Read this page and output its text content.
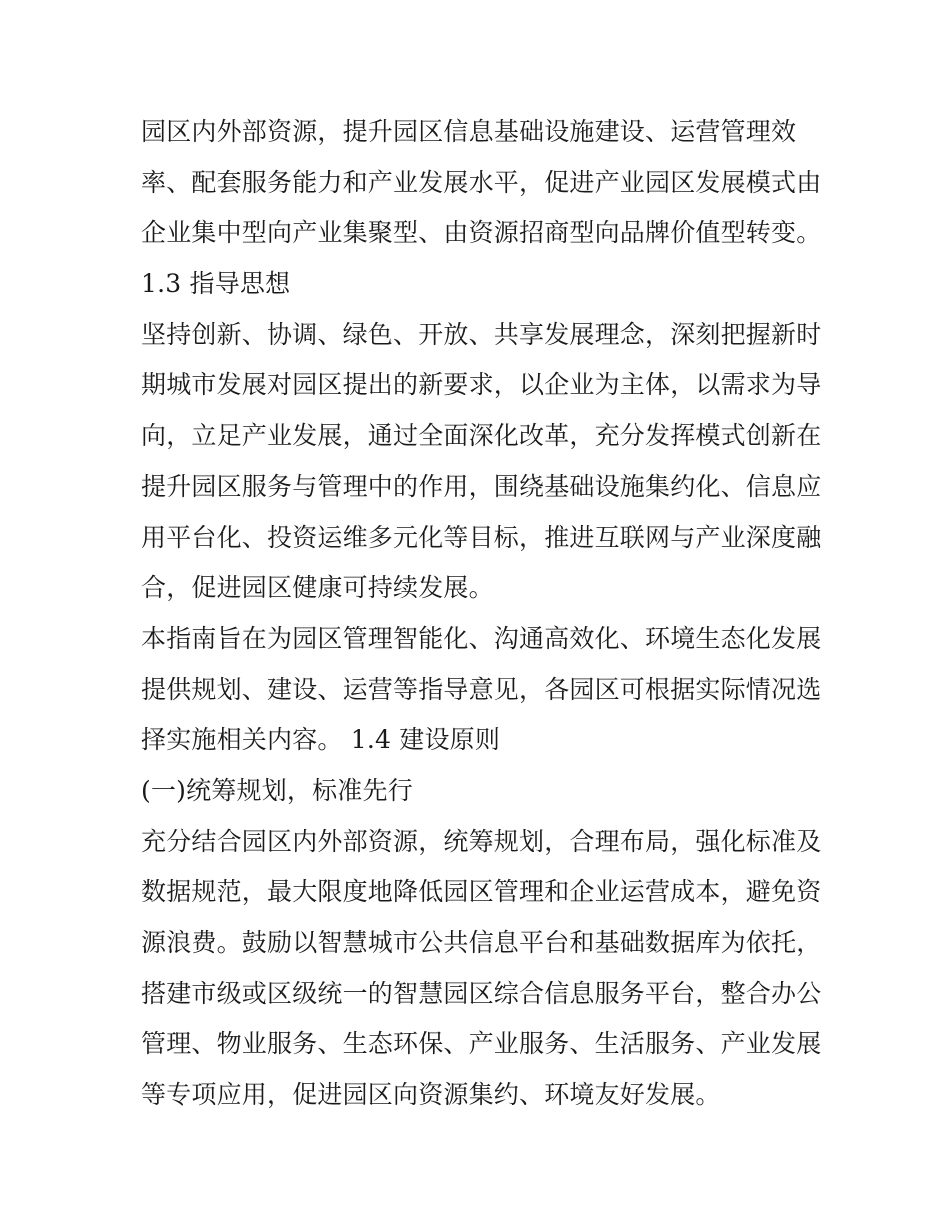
园区内外部资源，提升园区信息基础设施建设、运营管理效
率、配套服务能力和产业发展水平，促进产业园区发展模式由
企业集中型向产业集聚型、由资源招商型向品牌价值型转变。
1.3 指导思想
坚持创新、协调、绿色、开放、共享发展理念，深刻把握新时
期城市发展对园区提出的新要求，以企业为主体，以需求为导
向，立足产业发展，通过全面深化改革，充分发挥模式创新在
提升园区服务与管理中的作用，围绕基础设施集约化、信息应
用平台化、投资运维多元化等目标，推进互联网与产业深度融
合，促进园区健康可持续发展。
本指南旨在为园区管理智能化、沟通高效化、环境生态化发展
提供规划、建设、运营等指导意见，各园区可根据实际情况选
择实施相关内容。 1.4 建设原则
(一)统筹规划，标准先行
充分结合园区内外部资源，统筹规划，合理布局，强化标准及
数据规范，最大限度地降低园区管理和企业运营成本，避免资
源浪费。鼓励以智慧城市公共信息平台和基础数据库为依托，
搭建市级或区级统一的智慧园区综合信息服务平台，整合办公
管理、物业服务、生态环保、产业服务、生活服务、产业发展
等专项应用，促进园区向资源集约、环境友好发展。
